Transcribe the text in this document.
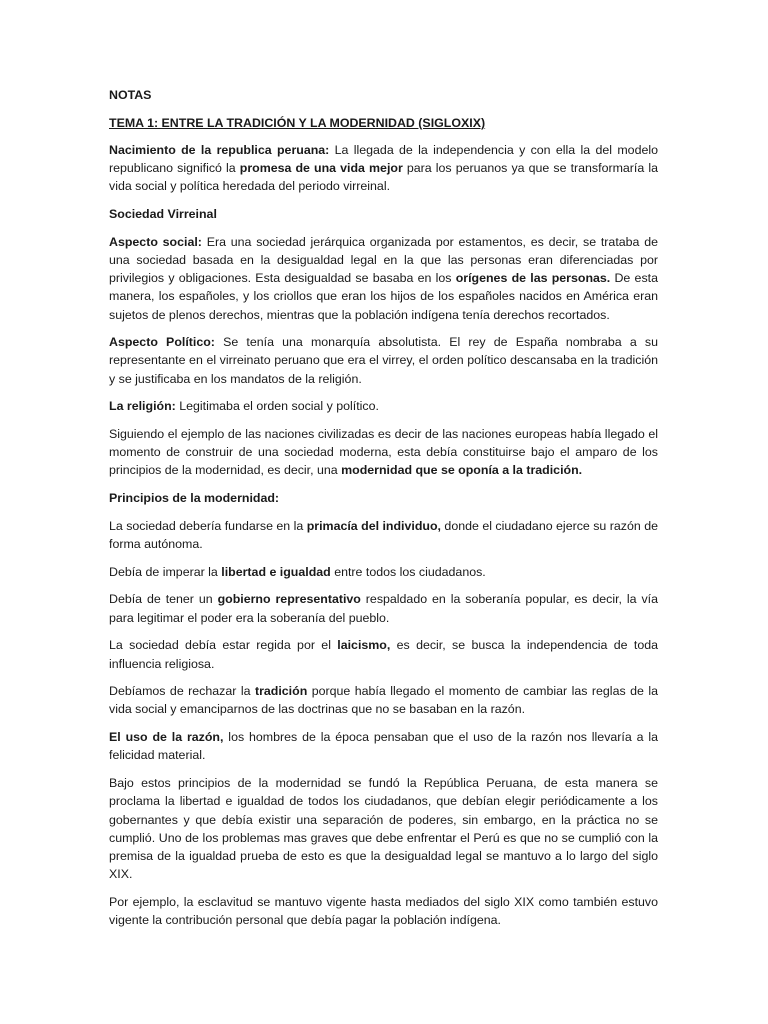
NOTAS

TEMA 1: ENTRE LA TRADICIÓN Y LA MODERNIDAD (SIGLOXIX)

Nacimiento de la republica peruana: La llegada de la independencia y con ella la del modelo republicano significó la promesa de una vida mejor para los peruanos ya que se transformaría la vida social y política heredada del periodo virreinal.

Sociedad Virreinal

Aspecto social: Era una sociedad jerárquica organizada por estamentos, es decir, se trataba de una sociedad basada en la desigualdad legal en la que las personas eran diferenciadas por privilegios y obligaciones. Esta desigualdad se basaba en los orígenes de las personas. De esta manera, los españoles, y los criollos que eran los hijos de los españoles nacidos en América eran sujetos de plenos derechos, mientras que la población indígena tenía derechos recortados.

Aspecto Político: Se tenía una monarquía absolutista. El rey de España nombraba a su representante en el virreinato peruano que era el virrey, el orden político descansaba en la tradición y se justificaba en los mandatos de la religión.

La religión: Legitimaba el orden social y político.

Siguiendo el ejemplo de las naciones civilizadas es decir de las naciones europeas había llegado el momento de construir de una sociedad moderna, esta debía constituirse bajo el amparo de los principios de la modernidad, es decir, una modernidad que se oponía a la tradición.

Principios de la modernidad:

La sociedad debería fundarse en la primacía del individuo, donde el ciudadano ejerce su razón de forma autónoma.

Debía de imperar la libertad e igualdad entre todos los ciudadanos.

Debía de tener un gobierno representativo respaldado en la soberanía popular, es decir, la vía para legitimar el poder era la soberanía del pueblo.

La sociedad debía estar regida por el laicismo, es decir, se busca la independencia de toda influencia religiosa.

Debíamos de rechazar la tradición porque había llegado el momento de cambiar las reglas de la vida social y emanciparnos de las doctrinas que no se basaban en la razón.

El uso de la razón, los hombres de la época pensaban que el uso de la razón nos llevaría a la felicidad material.

Bajo estos principios de la modernidad se fundó la República Peruana, de esta manera se proclama la libertad e igualdad de todos los ciudadanos, que debían elegir periódicamente a los gobernantes y que debía existir una separación de poderes, sin embargo, en la práctica no se cumplió. Uno de los problemas mas graves que debe enfrentar el Perú es que no se cumplió con la premisa de la igualdad prueba de esto es que la desigualdad legal se mantuvo a lo largo del siglo XIX.

Por ejemplo, la esclavitud se mantuvo vigente hasta mediados del siglo XIX como también estuvo vigente la contribución personal que debía pagar la población indígena.
